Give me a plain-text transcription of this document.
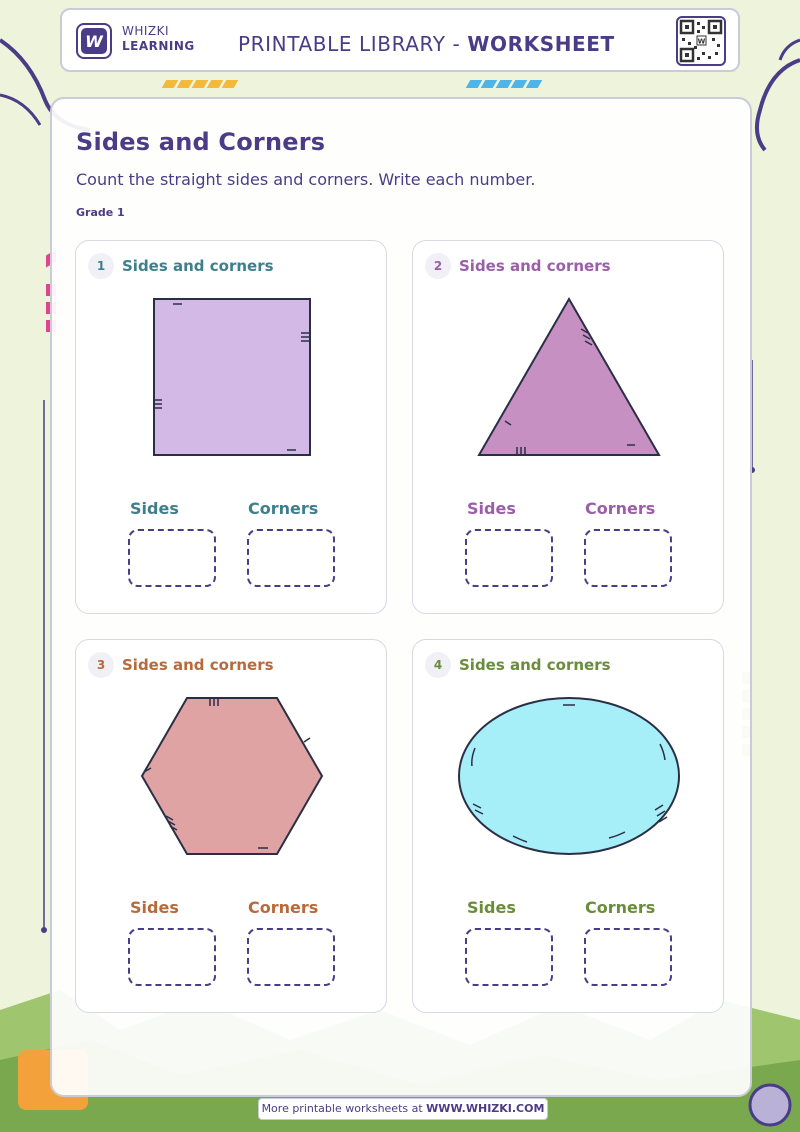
W
WHIZKI
LEARNING PRINTABLE LIBRARY - WORKSHEET	W
Sides and Corners
Count the straight sides and corners. Write each number.
Grade 1
1	Sides and corners
Sides	Corners
2	Sides and corners
Sides	Corners
3	Sides and corners
Sides	Corners
4	Sides and corners
Sides	Corners
More printable worksheets at WWW.WHIZKI.COM
